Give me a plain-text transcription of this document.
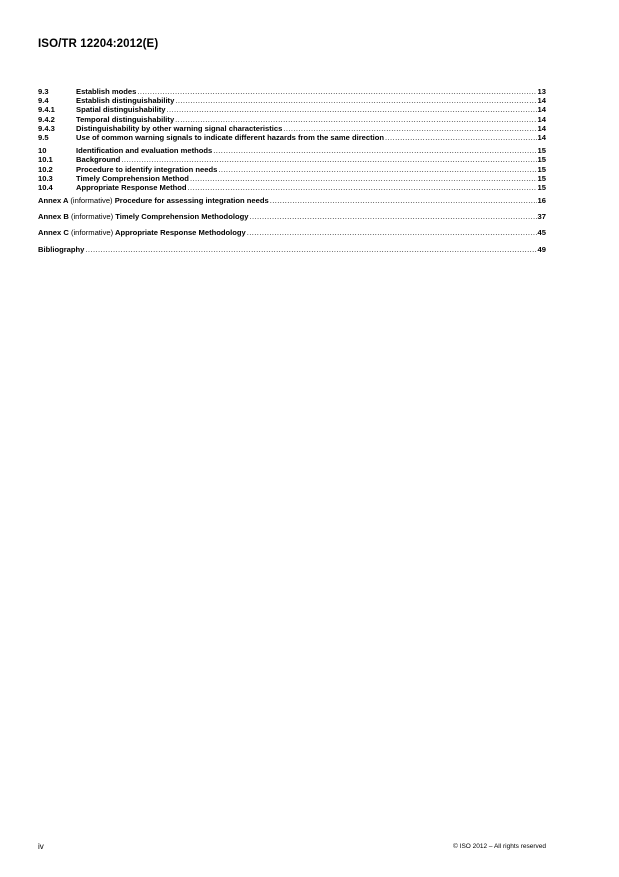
ISO/TR 12204:2012(E)
9.3	Establish modes .....	13
9.4	Establish distinguishability .....	14
9.4.1	Spatial distinguishability .....	14
9.4.2	Temporal distinguishability .....	14
9.4.3	Distinguishability by other warning signal characteristics .....	14
9.5	Use of common warning signals to indicate different hazards from the same direction .....	14
10	Identification and evaluation methods .....	15
10.1	Background .....	15
10.2	Procedure to identify integration needs .....	15
10.3	Timely Comprehension Method .....	15
10.4	Appropriate Response Method .....	15
Annex A (informative) Procedure for assessing integration needs .....	16
Annex B (informative) Timely Comprehension Methodology .....	37
Annex C (informative) Appropriate Response Methodology .....	45
Bibliography .....	49
iv	© ISO 2012 – All rights reserved
